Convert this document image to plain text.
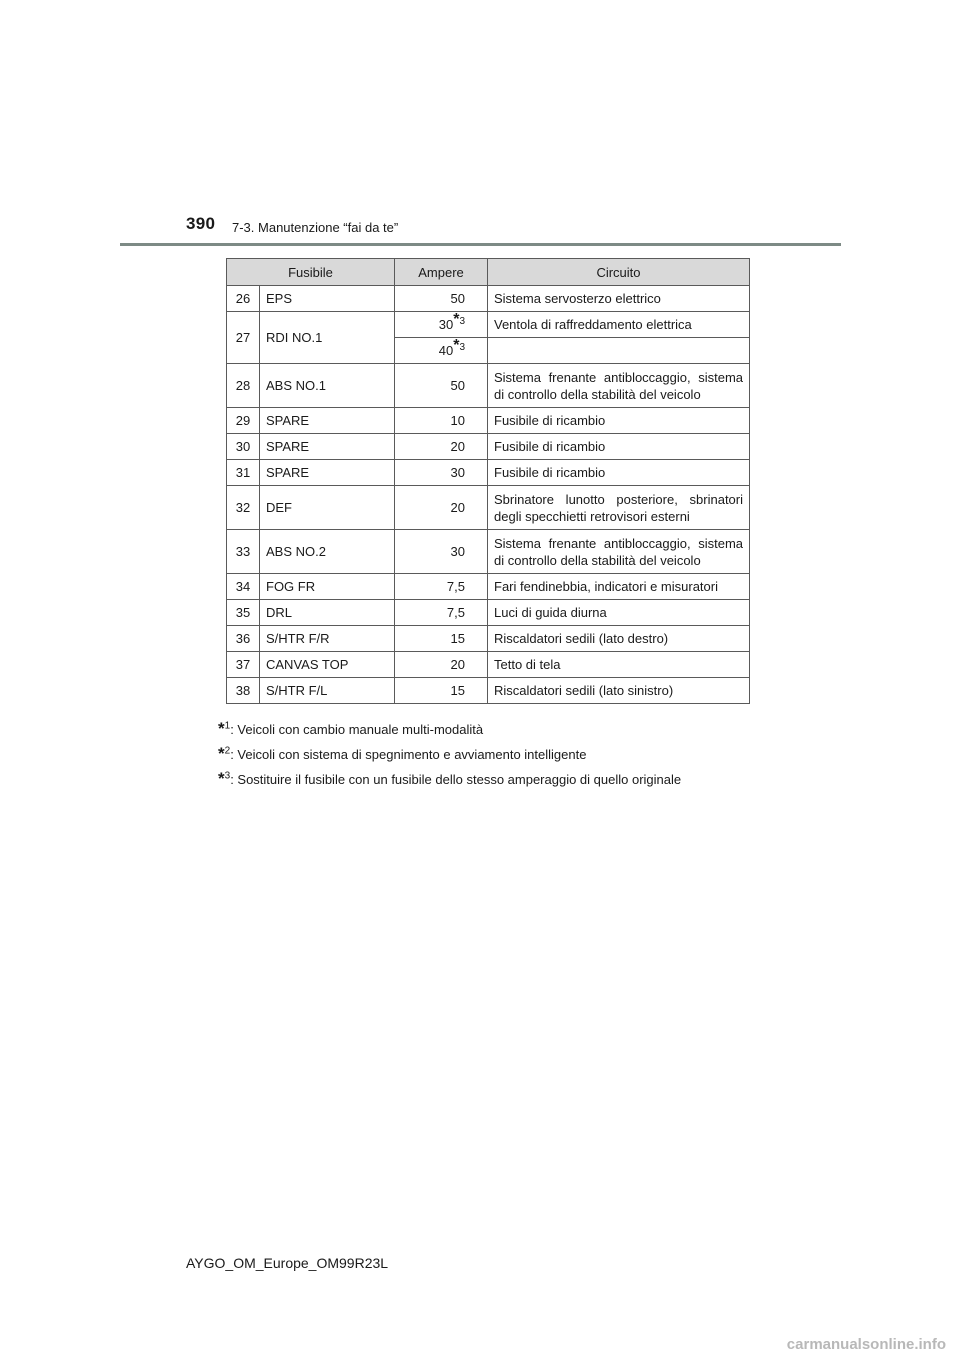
390 7-3. Manutenzione “fai da te”
Fusibile		Ampere	Circuito
26	EPS	50	Sistema servosterzo elettrico
27	RDI NO.1	30$^{*3}$	Ventola di raffreddamento elettrica
		40$^{*3}$	
28	ABS NO.1	50	Sistema frenante antibloccaggio, sistema di controllo della stabilità del veicolo
29	SPARE	10	Fusibile di ricambio
30	SPARE	20	Fusibile di ricambio
31	SPARE	30	Fusibile di ricambio
32	DEF	20	Sbrinatore lunotto posteriore, sbrinatori degli specchietti retrovisori esterni
33	ABS NO.2	30	Sistema frenante antibloccaggio, sistema di controllo della stabilità del veicolo
34	FOG FR	7,5	Fari fendinebbia, indicatori e misuratori
35	DRL	7,5	Luci di guida diurna
36	S/HTR F/R	15	Riscaldatori sedili (lato destro)
37	CANVAS TOP	20	Tetto di tela
38	S/HTR F/L	15	Riscaldatori sedili (lato sinistro)
*$^1$: Veicoli con cambio manuale multi-modalità
*$^2$: Veicoli con sistema di spegnimento e avviamento intelligente
*$^3$: Sostituire il fusibile con un fusibile dello stesso amperaggio di quello originale
AYGO_OM_Europe_OM99R23L
carmanualsonline.info
